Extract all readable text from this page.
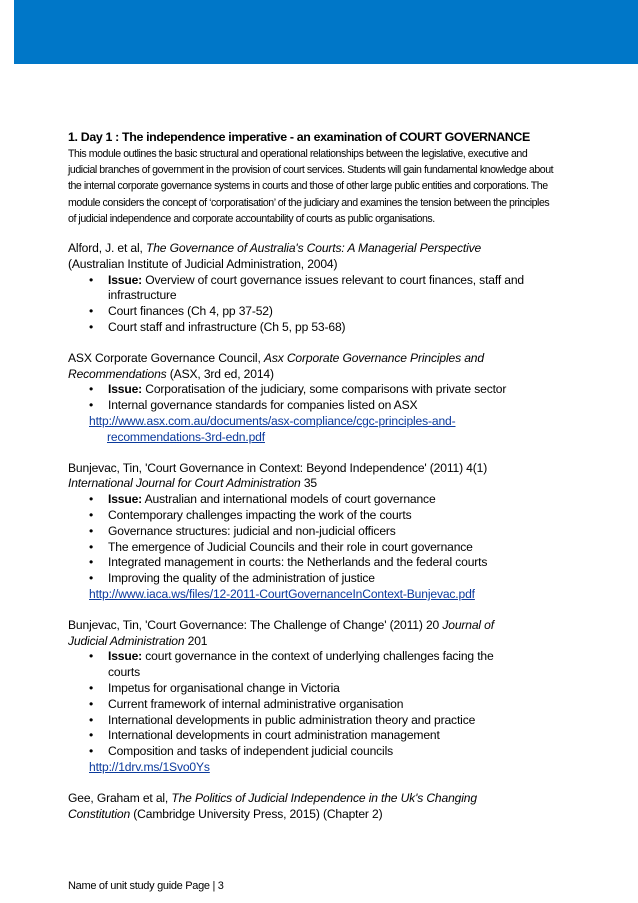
1. Day 1 : The independence imperative - an examination of COURT GOVERNANCE
This module outlines the basic structural and operational relationships between the legislative, executive and
judicial branches of government in the provision of court services. Students will gain fundamental knowledge about
the internal corporate governance systems in courts and those of other large public entities and corporations. The
module considers the concept of ‘corporatisation’ of the judiciary and examines the tension between the principles
of judicial independence and corporate accountability of courts as public organisations.
Alford, J. et al, The Governance of Australia's Courts: A Managerial Perspective
(Australian Institute of Judicial Administration, 2004)
• Issue: Overview of court governance issues relevant to court finances, staff and
infrastructure
• Court finances (Ch 4, pp 37-52)
• Court staff and infrastructure (Ch 5, pp 53-68)
ASX Corporate Governance Council, Asx Corporate Governance Principles and
Recommendations (ASX, 3rd ed, 2014)
• Issue: Corporatisation of the judiciary, some comparisons with private sector
• Internal governance standards for companies listed on ASX
http://www.asx.com.au/documents/asx-compliance/cgc-principles-and-
recommendations-3rd-edn.pdf
Bunjevac, Tin, 'Court Governance in Context: Beyond Independence' (2011) 4(1)
International Journal for Court Administration 35
• Issue: Australian and international models of court governance
• Contemporary challenges impacting the work of the courts
• Governance structures: judicial and non-judicial officers
• The emergence of Judicial Councils and their role in court governance
• Integrated management in courts: the Netherlands and the federal courts
• Improving the quality of the administration of justice
http://www.iaca.ws/files/12-2011-CourtGovernanceInContext-Bunjevac.pdf
Bunjevac, Tin, 'Court Governance: The Challenge of Change' (2011) 20 Journal of
Judicial Administration 201
• Issue: court governance in the context of underlying challenges facing the
courts
• Impetus for organisational change in Victoria
• Current framework of internal administrative organisation
• International developments in public administration theory and practice
• International developments in court administration management
• Composition and tasks of independent judicial councils
http://1drv.ms/1Svo0Ys
Gee, Graham et al, The Politics of Judicial Independence in the Uk's Changing
Constitution (Cambridge University Press, 2015) (Chapter 2)
Name of unit study guide Page | 3
